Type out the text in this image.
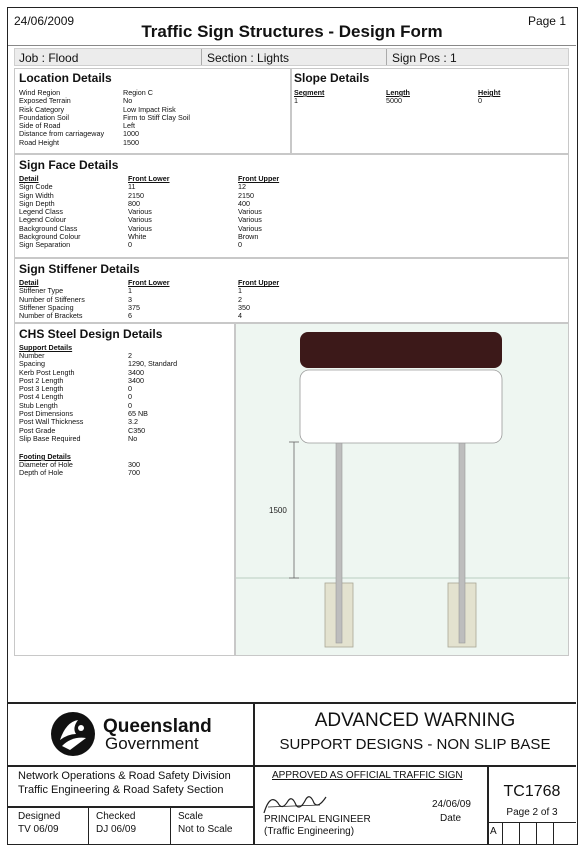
24/06/2009
Traffic Sign Structures - Design Form
Page 1
Job : Flood	Section : Lights	Sign Pos : 1
Location Details
Wind Region	Region C
Exposed Terrain	No
Risk Category	Low Impact Risk
Foundation Soil	Firm to Stiff Clay Soil
Side of Road	Left
Distance from carriageway	1000
Road Height	1500
Slope Details
Segment	Length	Height
1	5000	0
Sign Face Details
Detail	Front Lower	Front Upper
Sign Code	11	12
Sign Width	2150	2150
Sign Depth	800	400
Legend Class	Various	Various
Legend Colour	Various	Various
Background Class	Various	Various
Background Colour	White	Brown
Sign Separation	0	0
Sign Stiffener Details
Detail	Front Lower	Front Upper
Stiffener Type	1	1
Number of Stiffeners	3	2
Stiffener Spacing	375	350
Number of Brackets	6	4
CHS Steel Design Details
Support Details
Number	2
Spacing	1290, Standard
Kerb Post Length	3400
Post 2 Length	3400
Post 3 Length	0
Post 4 Length	0
Stub Length	0
Post Dimensions	65 NB
Post Wall Thickness	3.2
Post Grade	C350
Slip Base Required	No
Footing Details
Diameter of Hole	300
Depth of Hole	700
1500
Queensland
Government
ADVANCED WARNING
SUPPORT DESIGNS - NON SLIP BASE
Network Operations & Road Safety Division
Traffic Engineering & Road Safety Section
APPROVED AS OFFICIAL TRAFFIC SIGN
24/06/09
Date
PRINCIPAL ENGINEER
(Traffic Engineering)
TC1768
Page 2 of 3
A
Designed
TV 06/09
Checked
DJ 06/09
Scale
Not to Scale
